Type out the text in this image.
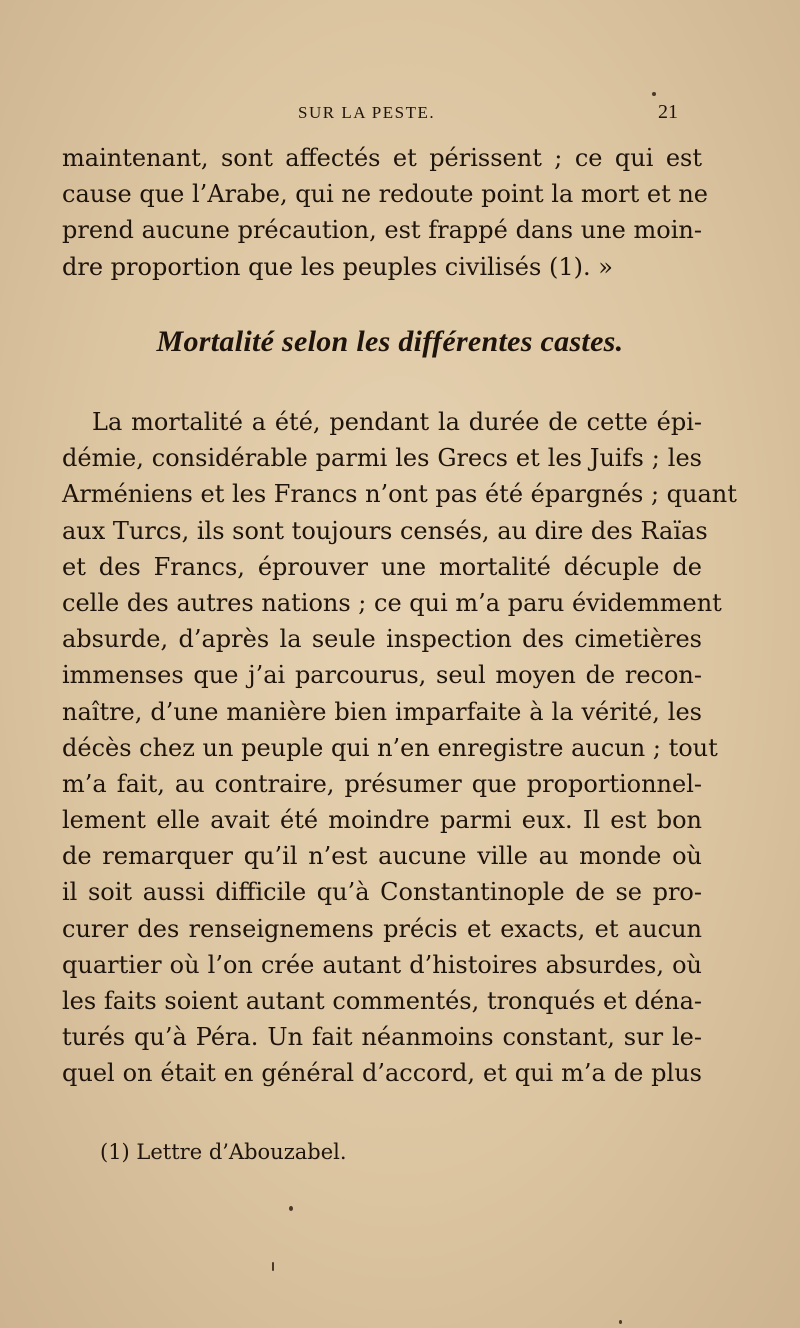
SUR LA PESTE.	21
maintenant, sont affectés et périssent ; ce qui est
cause que l’Arabe, qui ne redoute point la mort et ne
prend aucune précaution, est frappé dans une moin-
dre proportion que les peuples civilisés (1). »
Mortalité selon les différentes castes.
La mortalité a été, pendant la durée de cette épi-
démie, considérable parmi les Grecs et les Juifs ; les
Arméniens et les Francs n’ont pas été épargnés ; quant
aux Turcs, ils sont toujours censés, au dire des Raïas
et des Francs, éprouver une mortalité décuple de
celle des autres nations ; ce qui m’a paru évidemment
absurde, d’après la seule inspection des cimetières
immenses que j’ai parcourus, seul moyen de recon-
naître, d’une manière bien imparfaite à la vérité, les
décès chez un peuple qui n’en enregistre aucun ; tout
m’a fait, au contraire, présumer que proportionnel-
lement elle avait été moindre parmi eux. Il est bon
de remarquer qu’il n’est aucune ville au monde où
il soit aussi difficile qu’à Constantinople de se pro-
curer des renseignemens précis et exacts, et aucun
quartier où l’on crée autant d’histoires absurdes, où
les faits soient autant commentés, tronqués et déna-
turés qu’à Péra. Un fait néanmoins constant, sur le-
quel on était en général d’accord, et qui m’a de plus
(1) Lettre d’Abouzabel.
